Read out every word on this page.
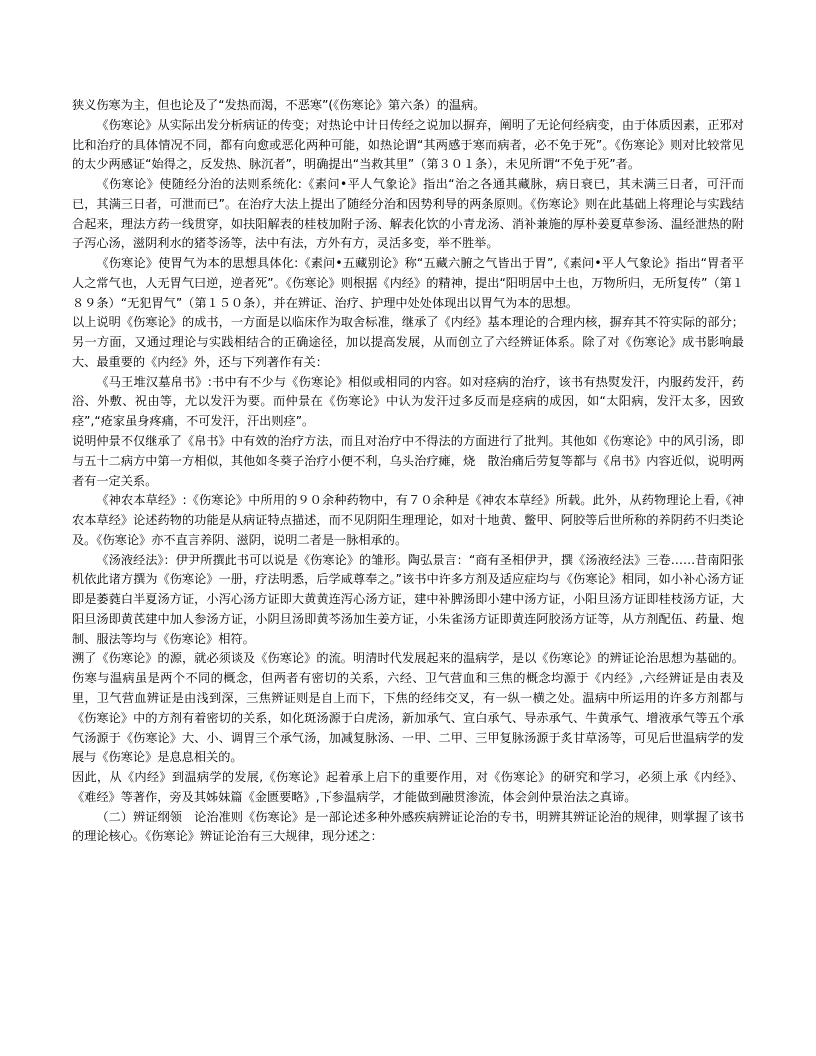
狭义伤寒为主，但也论及了“发热而渴，不恶寒”(《伤寒论》第六条）的温病。

《伤寒论》从实际出发分析病证的传变；对热论中计日传经之说加以摒弃，阐明了无论何经病变，由于体质因素，正邪对比和治疗的具体情况不同，都有向愈或恶化两种可能，如热论谓“其两感于寒而病者，必不免于死”。《伤寒论》则对比较常见的太少两感证“始得之，反发热、脉沉者”，明确提出“当救其里”（第３０１条），未见所谓“不免于死”者。

《伤寒论》使随经分治的法则系统化:《素问•平人气象论》指出“治之各通其藏脉，病日衰已，其未满三日者，可汗而已，其满三日者，可泄而已”。在治疗大法上提出了随经分治和因势利导的两条原则。《伤寒论》则在此基础上将理论与实践结合起来，理法方药一线贯穿，如扶阳解表的桂枝加附子汤、解表化饮的小青龙汤、消补兼施的厚朴姜夏草参汤、温经泄热的附子泻心汤，滋阴利水的猪苓汤等，法中有法，方外有方，灵活多变，举不胜举。

《伤寒论》使胃气为本的思想具体化:《素问•五藏别论》称“五藏六腑之气皆出于胃”,《素问•平人气象论》指出“胃者平人之常气也，人无胃气曰逆，逆者死”。《伤寒论》则根据《内经》的精神，提出“阳明居中土也，万物所归，无所复传”（第１８９条）“无犯胃气”（第１５０条），并在辨证、治疗、护理中处处体现出以胃气为本的思想。

以上说明《伤寒论》的成书，一方面是以临床作为取舍标准，继承了《内经》基本理论的合理内核，摒弃其不符实际的部分；另一方面，又通过理论与实践相结合的正确途径，加以提高发展，从而创立了六经辨证体系。除了对《伤寒论》成书影响最大、最重要的《内经》外，还与下列著作有关：

《马王堆汉墓帛书》:书中有不少与《伤寒论》相似或相同的内容。如对痉病的治疗，该书有热熨发汗，内服药发汗，药浴、外敷、祝由等，尤以发汗为要。而仲景在《伤寒论》中认为发汗过多反而是痉病的成因，如“太阳病，发汗太多，因致痉”,“疮家虽身疼痛，不可发汗，汗出则痉”。

说明仲景不仅继承了《帛书》中有效的治疗方法，而且对治疗中不得法的方面进行了批判。其他如《伤寒论》中的风引汤，即与五十二病方中第一方相似，其他如冬葵子治疗小便不利，乌头治疗瘫，烧　散治痛后劳复等都与《帛书》内容近似，说明两者有一定关系。

《神农本草经》:《伤寒论》中所用的９０余种药物中，有７０余种是《神农本草经》所载。此外，从药物理论上看,《神农本草经》论述药物的功能是从病证特点描述，而不见阴阳生理理论，如对十地黄、鳖甲、阿胶等后世所称的养阴药不归类论及。《伤寒论》亦不直言养阴、滋阴，说明二者是一脉相承的。

《汤液经法》：伊尹所撰此书可以说是《伤寒论》的雏形。陶弘景言：“商有圣相伊尹，撰《汤液经法》三卷……昔南阳张机依此诸方撰为《伤寒论》一册，疗法明悉，后学咸尊奉之。”该书中许多方剂及适应症均与《伤寒论》相同，如小补心汤方证即是萎蕤白半夏汤方证，小泻心汤方证即大黄黄连泻心汤方证，建中补脾汤即小建中汤方证，小阳旦汤方证即桂枝汤方证，大阳旦汤即黄芪建中加人参汤方证，小阴旦汤即黄芩汤加生姜方证，小朱雀汤方证即黄连阿胶汤方证等，从方剂配伍、药量、炮制、服法等均与《伤寒论》相符。

溯了《伤寒论》的源，就必须谈及《伤寒论》的流。明清时代发展起来的温病学，是以《伤寒论》的辨证论治思想为基础的。伤寒与温病虽是两个不同的概念，但两者有密切的关系，六经、卫气营血和三焦的概念均源于《内经》,六经辨证是由表及里，卫气营血辨证是由浅到深，三焦辨证则是自上而下，下焦的经纬交叉，有一纵一横之处。温病中所运用的许多方剂都与《伤寒论》中的方剂有着密切的关系，如化斑汤源于白虎汤，新加承气、宣白承气、导赤承气、牛黄承气、增液承气等五个承气汤源于《伤寒论》大、小、调胃三个承气汤，加减复脉汤、一甲、二甲、三甲复脉汤源于炙甘草汤等，可见后世温病学的发展与《伤寒论》是息息相关的。

因此，从《内经》到温病学的发展,《伤寒论》起着承上启下的重要作用，对《伤寒论》的研究和学习，必须上承《内经》、《难经》等著作，旁及其姊妹篇《金匮要略》,下参温病学，才能做到融贯渗流，体会剑仲景治法之真谛。

（二）辨证纲领　论治准则《伤寒论》是一部论述多种外感疾病辨证论治的专书，明辨其辨证论治的规律，则掌握了该书的理论核心。《伤寒论》辨证论治有三大规律，现分述之：
